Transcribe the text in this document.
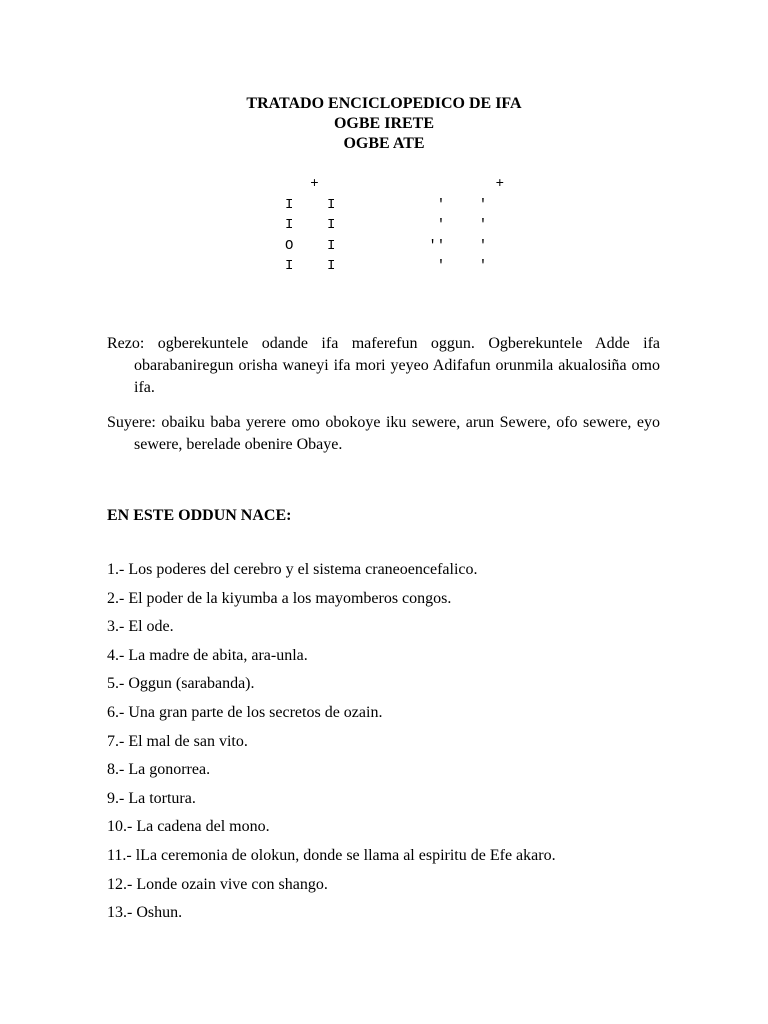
TRATADO ENCICLOPEDICO DE IFA
OGBE IRETE
OGBE ATE
+
I    I
I    I
O    I
I    I
+
'    '
'    '
''    '
'    '
Rezo: ogberekuntele odande ifa maferefun oggun. Ogberekuntele Adde ifa obarabaniregun orisha waneyi ifa mori yeyeo Adifafun orunmila akualosiña omo ifa.
Suyere: obaiku baba yerere omo obokoye iku sewere, arun Sewere, ofo sewere, eyo sewere, berelade obenire Obaye.
EN ESTE ODDUN NACE:
1.- Los poderes del cerebro y el sistema craneoencefalico.
2.- El poder de la kiyumba a los mayomberos congos.
3.- El ode.
4.- La madre de abita, ara-unla.
5.- Oggun (sarabanda).
6.- Una gran parte de los secretos de ozain.
7.- El mal de san vito.
8.- La gonorrea.
9.- La tortura.
10.- La cadena del mono.
11.- lLa ceremonia de olokun, donde se llama al espiritu de Efe akaro.
12.- Londe ozain vive con shango.
13.- Oshun.
